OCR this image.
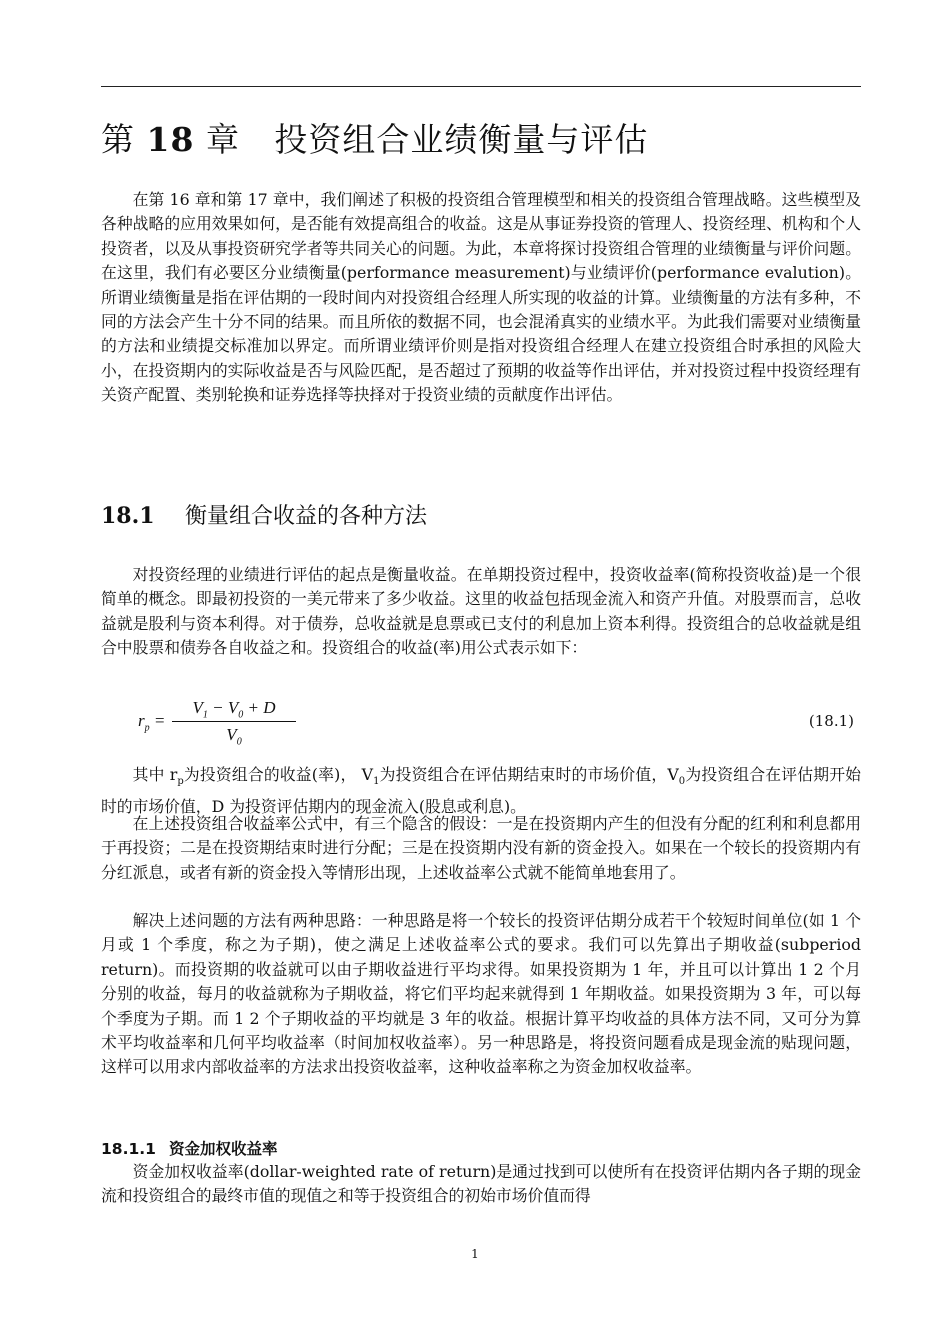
第 18 章 投资组合业绩衡量与评估

在第 16 章和第 17 章中，我们阐述了积极的投资组合管理模型和相关的投资组合管理战略。这些模型及各种战略的应用效果如何，是否能有效提高组合的收益。这是从事证券投资的管理人、投资经理、机构和个人投资者，以及从事投资研究学者等共同关心的问题。为此，本章将探讨投资组合管理的业绩衡量与评价问题。在这里，我们有必要区分业绩衡量(performance measurement)与业绩评价(performance evalution)。所谓业绩衡量是指在评估期的一段时间内对投资组合经理人所实现的收益的计算。业绩衡量的方法有多种，不同的方法会产生十分不同的结果。而且所依的数据不同，也会混淆真实的业绩水平。为此我们需要对业绩衡量的方法和业绩提交标准加以界定。而所谓业绩评价则是指对投资组合经理人在建立投资组合时承担的风险大小，在投资期内的实际收益是否与风险匹配，是否超过了预期的收益等作出评估，并对投资过程中投资经理有关资产配置、类别轮换和证券选择等抉择对于投资业绩的贡献度作出评估。

18.1 衡量组合收益的各种方法

对投资经理的业绩进行评估的起点是衡量收益。在单期投资过程中，投资收益率(简称投资收益)是一个很简单的概念。即最初投资的一美元带来了多少收益。这里的收益包括现金流入和资产升值。对股票而言，总收益就是股利与资本利得。对于债券，总收益就是息票或已支付的利息加上资本利得。投资组合的总收益就是组合中股票和债券各自收益之和。投资组合的收益(率)用公式表示如下：

$r_p$ =
$V_1 - V_0 + D$
$V_0$
(18.1)

其中 $r_p$为投资组合的收益(率)， $V_1$为投资组合在评估期结束时的市场价值，$V_0$为投资组合在评估期开始时的市场价值，D 为投资评估期内的现金流入(股息或利息)。

在上述投资组合收益率公式中，有三个隐含的假设：一是在投资期内产生的但没有分配的红利和利息都用于再投资；二是在投资期结束时进行分配；三是在投资期内没有新的资金投入。如果在一个较长的投资期内有分红派息，或者有新的资金投入等情形出现，上述收益率公式就不能简单地套用了。

解决上述问题的方法有两种思路：一种思路是将一个较长的投资评估期分成若干个较短时间单位(如 1 个月或 1 个季度，称之为子期)，使之满足上述收益率公式的要求。我们可以先算出子期收益(subperiod return)。而投资期的收益就可以由子期收益进行平均求得。如果投资期为 1 年，并且可以计算出 1 2 个月分别的收益，每月的收益就称为子期收益，将它们平均起来就得到 1 年期收益。如果投资期为 3 年，可以每个季度为子期。而 1 2 个子期收益的平均就是 3 年的收益。根据计算平均收益的具体方法不同，又可分为算术平均收益率和几何平均收益率（时间加权收益率）。另一种思路是，将投资问题看成是现金流的贴现问题，这样可以用求内部收益率的方法求出投资收益率，这种收益率称之为资金加权收益率。

18.1.1 资金加权收益率

资金加权收益率(dollar-weighted rate of return)是通过找到可以使所有在投资评估期内各子期的现金流和投资组合的最终市值的现值之和等于投资组合的初始市场价值而得

1
